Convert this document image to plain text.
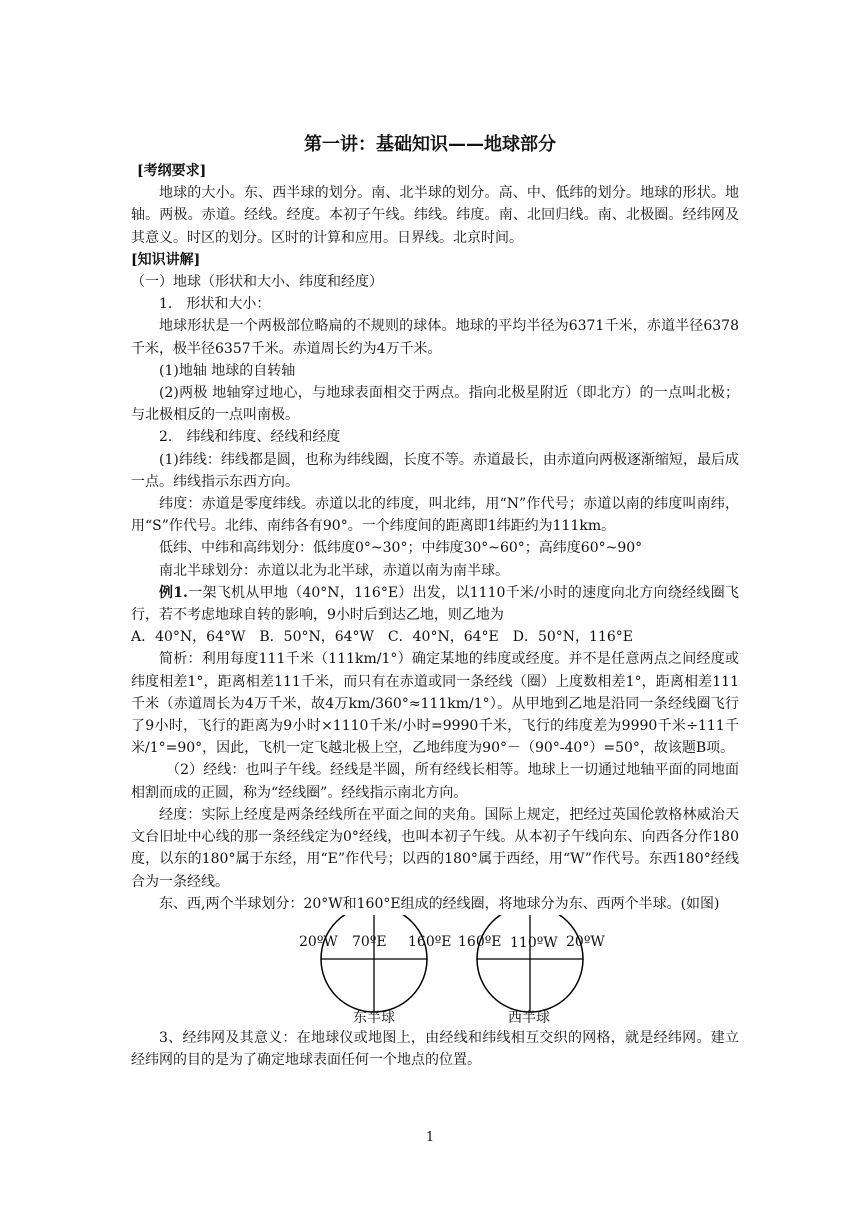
第一讲：基础知识——地球部分

[考纲要求]

地球的大小。东、西半球的划分。南、北半球的划分。高、中、低纬的划分。地球的形状。地轴。两极。赤道。经线。经度。本初子午线。纬线。纬度。南、北回归线。南、北极圈。经纬网及其意义。时区的划分。区时的计算和应用。日界线。北京时间。

[知识讲解]

（一）地球（形状和大小、纬度和经度）

1.　形状和大小：

地球形状是一个两极部位略扁的不规则的球体。地球的平均半径为6371千米，赤道半径6378千米，极半径6357千米。赤道周长约为4万千米。

(1)地轴 地球的自转轴

(2)两极 地轴穿过地心，与地球表面相交于两点。指向北极星附近（即北方）的一点叫北极；与北极相反的一点叫南极。

2.　纬线和纬度、经线和经度

(1)纬线：纬线都是圆，也称为纬线圈，长度不等。赤道最长，由赤道向两极逐渐缩短，最后成一点。纬线指示东西方向。

纬度：赤道是零度纬线。赤道以北的纬度，叫北纬，用“N”作代号；赤道以南的纬度叫南纬，用“S”作代号。北纬、南纬各有90°。一个纬度间的距离即1纬距约为111km。

低纬、中纬和高纬划分：低纬度0°~30°；中纬度30°~60°；高纬度60°~90°

南北半球划分：赤道以北为北半球，赤道以南为南半球。

例1.一架飞机从甲地（40°N，116°E）出发，以1110千米/小时的速度向北方向绕经线圈飞行，若不考虑地球自转的影响，9小时后到达乙地，则乙地为

A．40°N，64°W　B．50°N，64°W　C．40°N，64°E　D．50°N，116°E

简析：利用每度111千米（111km/1°）确定某地的纬度或经度。并不是任意两点之间经度或纬度相差1°，距离相差111千米，而只有在赤道或同一条经线（圈）上度数相差1°，距离相差111千米（赤道周长为4万千米，故4万km/360°≈111km/1°）。从甲地到乙地是沿同一条经线圈飞行了9小时，飞行的距离为9小时×1110千米/小时=9990千米，飞行的纬度差为9990千米÷111千米/1°=90°，因此，飞机一定飞越北极上空，乙地纬度为90°－（90°-40°）=50°，故该题B项。

（2）经线：也叫子午线。经线是半圆，所有经线长相等。地球上一切通过地轴平面的同地面相割而成的正圆，称为“经线圈”。经线指示南北方向。

经度：实际上经度是两条经线所在平面之间的夹角。国际上规定，把经过英国伦敦格林威治天文台旧址中心线的那一条经线定为0°经线，也叫本初子午线。从本初子午线向东、向西各分作180度，以东的180°属于东经，用“E”作代号；以西的180°属于西经，用“W”作代号。东西180°经线合为一条经线。

东、西,两个半球划分：20°W和160°E组成的经线圈，将地球分为东、西两个半球。(如图)

20ºW 70ºE 160ºE 160ºE 110ºW 20ºW
东半球	西半球

3、经纬网及其意义：在地球仪或地图上，由经线和纬线相互交织的网格，就是经纬网。建立经纬网的目的是为了确定地球表面任何一个地点的位置。

1
